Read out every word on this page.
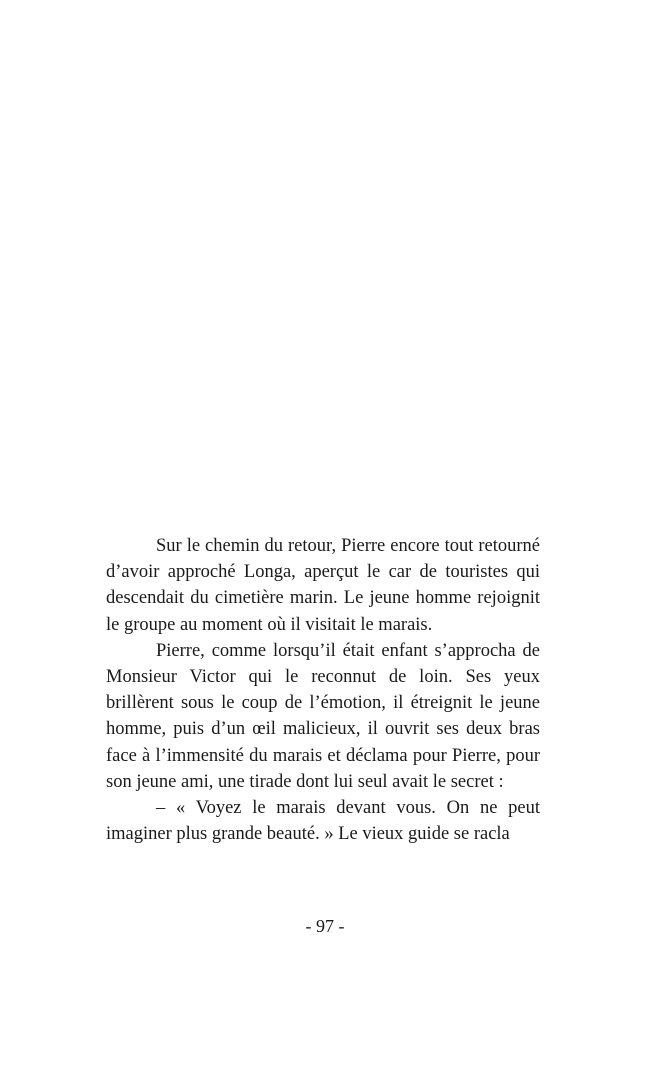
Sur le chemin du retour, Pierre encore tout retourné d’avoir approché Longa, aperçut le car de touristes qui descendait du cimetière marin. Le jeune homme rejoignit le groupe au moment où il visitait le marais.

Pierre, comme lorsqu’il était enfant s’approcha de Monsieur Victor qui le reconnut de loin. Ses yeux brillèrent sous le coup de l’émotion, il étreignit le jeune homme, puis d’un œil malicieux, il ouvrit ses deux bras face à l’immensité du marais et déclama pour Pierre, pour son jeune ami, une tirade dont lui seul avait le secret :

– « Voyez le marais devant vous. On ne peut imaginer plus grande beauté. » Le vieux guide se racla

- 97 -
